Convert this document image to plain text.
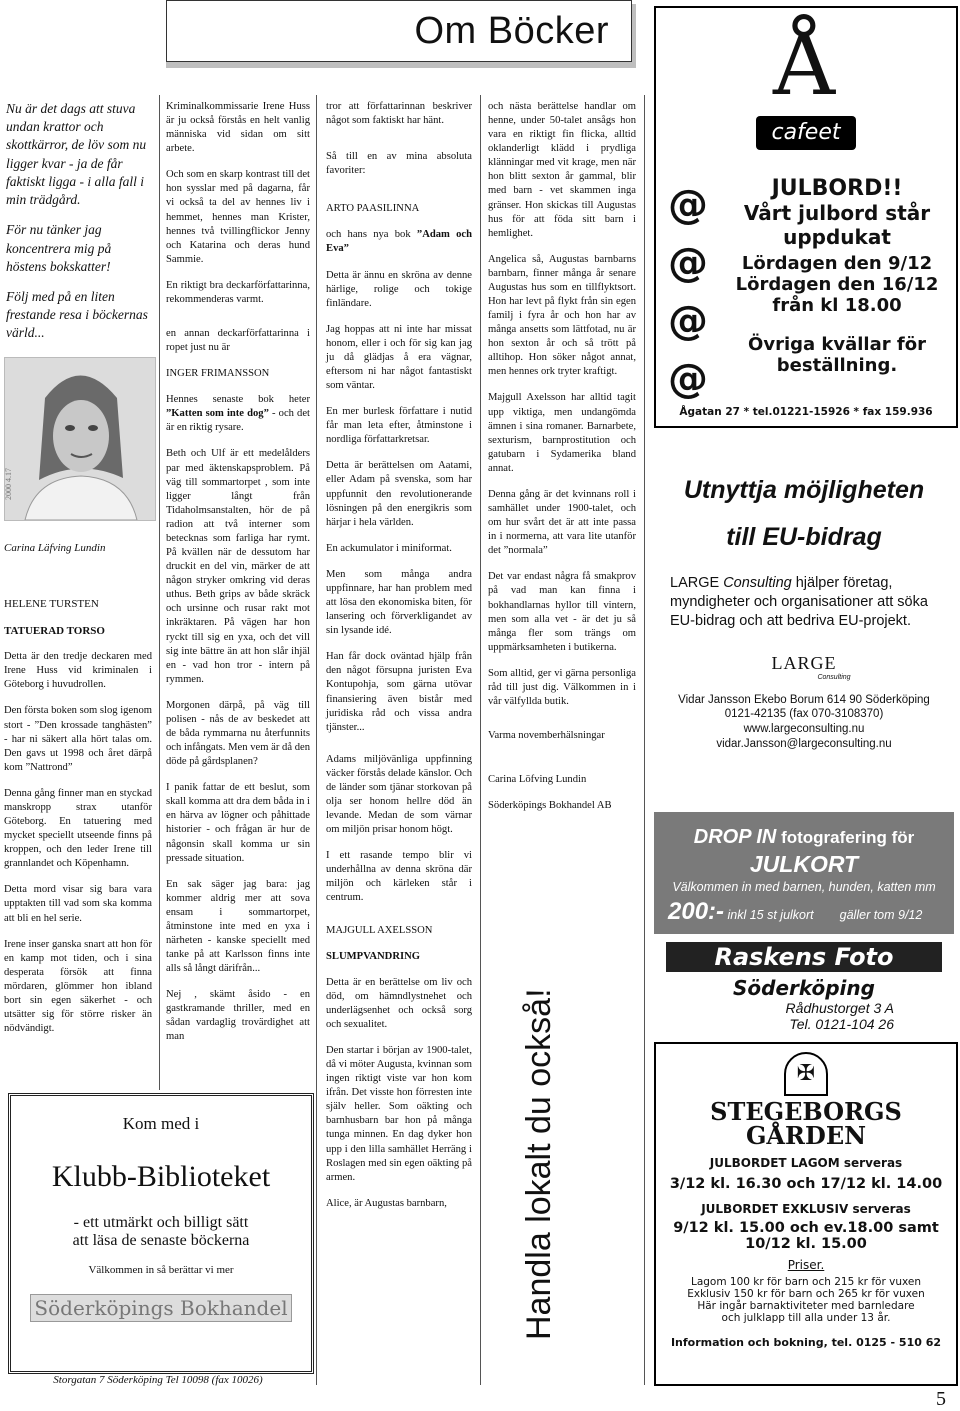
Om Böcker

Nu är det dags att stuva undan krattor och skottkärror, de löv som nu ligger kvar - ja de får faktiskt ligga - i alla fall i min trädgård.

För nu tänker jag koncentrera mig på höstens bokskatter!

Följ med på en liten frestande resa i böckernas värld...

2000 4.17
Carina Läfving Lundin

HELENE TURSTEN

TATUERAD TORSO

Detta är den tredje deckaren med Irene Huss vid kriminalen i Göteborg i huvudrollen.

Den första boken som slog igenom stort - ”Den krossade tanghästen” - har ni säkert alla hört talas om. Den gavs ut 1998 och året därpå kom ”Nattrond”

Denna gång finner man en styckad manskropp strax utanför Göteborg. En tatuering med mycket speciellt utseende finns på kroppen, och den leder Irene till grannlandet och Köpenhamn.

Detta mord visar sig bara vara upptakten till vad som ska komma att bli en hel serie.

Irene inser ganska snart att hon för en kamp mot tiden, och i sina desperata försök att finna mördaren, glömmer hon ibland bort sin egen säkerhet - och utsätter sig för större risker än nödvändigt.

Kriminalkommissarie Irene Huss är ju också förstås en helt vanlig människa vid sidan om sitt arbete.

Och som en skarp kontrast till det hon sysslar med på dagarna, får vi också ta del av hennes liv i hemmet, hennes man Krister, hennes två tvillingflickor Jenny och Katarina och deras hund Sammie.

En riktigt bra deckarförfattarinna, rekommenderas varmt.

en annan deckarförfattarinna i ropet just nu är

INGER FRIMANSSON

Hennes senaste bok heter ”Katten som inte dog” - och det är en riktig rysare.

Beth och Ulf är ett medelålders par med äktenskapsproblem. På väg till sommartorpet , som inte ligger långt från Tidaholmsanstalten, hör de på radion att två interner som betecknas som farliga har rymt. På kvällen när de dessutom har druckit en del vin, märker de att någon stryker omkring vid deras uthus. Beth grips av både skräck och ursinne och rusar rakt mot inkräktaren. På vägen har hon ryckt till sig en yxa, och det vill sig inte bättre än att hon slår ihjäl en - vad hon tror - intern på rymmen.

Morgonen därpå, på väg till polisen - nås de av beskedet att de båda rymmarna nu återfunnits och infångats. Men vem är då den döde på gårdsplanen?

I panik fattar de ett beslut, som skall komma att dra dem båda in i en härva av lögner och påhittade historier - och frågan är hur de någonsin skall komma ur sin pressade situation.

En sak säger jag bara: jag kommer aldrig mer att sova ensam i sommartorpet, åtminstone inte med en yxa i närheten - kanske speciellt med tanke på att Karlsson finns inte alls så långt därifrån...

Nej , skämt åsido - en gastkramande thriller, med en sådan vardaglig trovärdighet att man

tror att författarinnan beskriver något som faktiskt har hänt.

Så till en av mina absoluta favoriter:

ARTO PAASILINNA

och hans nya bok ”Adam och Eva”

Detta är ännu en skröna av denne härlige, rolige och tokige finländare.

Jag hoppas att ni inte har missat honom, eller i och för sig kan jag ju då glädjas å era vägnar, eftersom ni har något fantastiskt som väntar.

En mer burlesk författare i nutid får man leta efter, åtminstone i nordliga författarkretsar.

Detta är berättelsen om Aatami, eller Adam på svenska, som har uppfunnit den revolutionerande lösningen på den energikris som härjar i hela världen.

En ackumulator i miniformat.

Men som många andra uppfinnare, har han problem med att lösa den ekonomiska biten, för lansering och förverkligandet av sin lysande idé.

Han får dock oväntad hjälp från den något försupna juristen Eva Kontupohja, som gärna utövar finansiering även bistår med juridiska råd och vissa andra tjänster...

Adams miljövänliga uppfinning väcker förstås delade känslor. Och de länder som tjänar storkovan på olja ser honom hellre död än levande. Medan de som värnar om miljön prisar honom högt.

I ett rasande tempo blir vi underhållna av denna skröna där miljön och kärleken står i centrum.

MAJGULL AXELSSON

SLUMPVANDRING

Detta är en berättelse om liv och död, om hämndlystnehet och underlägsenhet och också sorg och sexualitet.

Den startar i början av 1900-talet, då vi möter Augusta, kvinnan som ingen riktigt viste var hon kom ifrån. Det visste hon förresten inte själv heller. Som oäkting och barnhusbarn bar hon på många tunga minnen. En dag dyker hon upp i den lilla samhället Herräng i Roslagen med sin egen oäkting på armen.

Alice, är Augustas barnbarn,

och nästa berättelse handlar om henne, under 50-talet ansågs hon vara en riktigt fin flicka, alltid oklanderligt klädd i prydliga klänningar med vit krage, men när hon blitt sexton år gammal, blir med barn - vet skammen inga gränser. Hon skickas till Augustas hus för att föda sitt barn i hemlighet.

Angelica så, Augustas barnbarns barnbarn, finner många år senare Augustas hus som en tillflyktsort. Hon har levt på flykt från sin egen familj i fyra år och hon har av många ansetts som lättfotad, nu är hon sexton år och så trött på alltihop. Hon söker något annat, men hennes ork tryter kraftigt.

Majgull Axelsson har alltid tagit upp viktiga, men undangömda ämnen i sina romaner. Barnarbete, sexturism, barnprostitution och gatubarn i Sydamerika bland annat.

Denna gång är det kvinnans roll i samhället under 1900-talet, och om hur svårt det är att inte passa in i normerna, att vara lite utanför det ”normala”

Det var endast några få smakprov på vad man kan finna i bokhandlarnas hyllor till vintern, men som alla vet - är det ju så många fler som trängs om uppmärksamheten i butikerna.

Som alltid, ger vi gärna personliga råd till just dig. Välkommen in i vår välfyllda butik.

Varma novemberhälsningar

Carina Löfving Lundin

Söderköpings Bokhandel AB

Handla lokalt du också!
Kom med i
Klubb-Biblioteket
- ett utmärkt och billigt sätt
att läsa de senaste böckerna
Välkommen in så berättar vi mer
Söderköpings Bokhandel
Storgatan 7 Söderköping Tel 10098 (fax 10026)
Å
cafeet
@
@
@
@
JULBORD!!
Vårt julbord står
uppdukat
Lördagen den 9/12
Lördagen den 16/12
från kl 18.00
Övriga kvällar för
beställning.
Ågatan 27 * tel.01221-15926 * fax 159.936
Utnyttja möjligheten
till EU-bidrag
LARGE Consulting hjälper företag, myndigheter och organisationer att söka EU-bidrag och att bedriva EU-projekt.
LARGE
Consulting
Vidar Jansson Ekebo Borum 614 90 Söderköping
0121-42135 (fax 070-3108370)
www.largeconsulting.nu
vidar.Jansson@largeconsulting.nu
DROP IN fotografering för
JULKORT
Välkommen in med barnen, hunden, katten mm
200:- inkl 15 st julkort gäller tom 9/12
Raskens Foto
Söderköping
Rådhustorget 3 A
Tel. 0121-104 26
✠
STEGEBORGS GÅRDEN
JULBORDET LAGOM serveras
3/12 kl. 16.30 och 17/12 kl. 14.00
JULBORDET EXKLUSIV serveras
9/12 kl. 15.00 och ev.18.00 samt
10/12 kl. 15.00
Priser.
Lagom 100 kr för barn och 215 kr för vuxen
Exklusiv 150 kr för barn och 265 kr för vuxen
Här ingår barnaktiviteter med barnledare
och julklapp till alla under 13 år.
Information och bokning, tel. 0125 - 510 62
5
